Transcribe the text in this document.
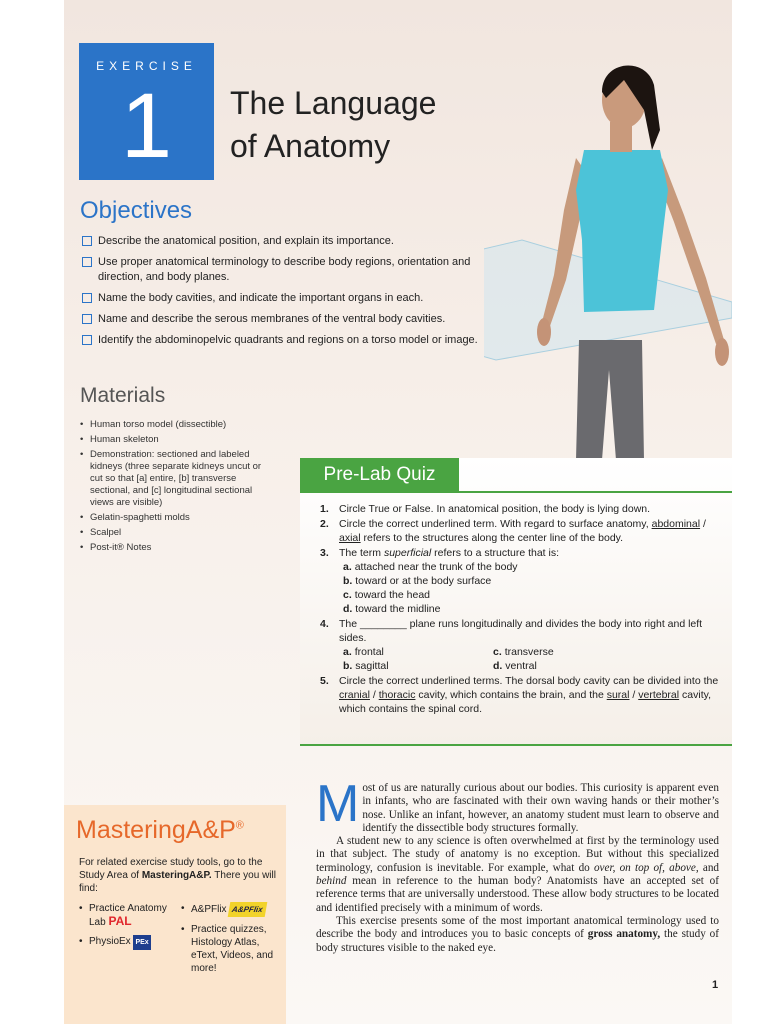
EXERCISE
1	The Language
of Anatomy
Objectives
Describe the anatomical position, and explain its importance.
Use proper anatomical terminology to describe body regions, orientation and direction, and body planes.
Name the body cavities, and indicate the important organs in each.
Name and describe the serous membranes of the ventral body cavities.
Identify the abdominopelvic quadrants and regions on a torso model or image.
Materials
• Human torso model (dissectible)
• Human skeleton
• Demonstration: sectioned and labeled kidneys (three separate kidneys uncut or cut so that [a] entire, [b] transverse sectional, and [c] longitudinal sectional views are visible)
• Gelatin-spaghetti molds
• Scalpel
• Post-it® Notes
Pre-Lab Quiz
1. Circle True or False. In anatomical position, the body is lying down.
2. Circle the correct underlined term. With regard to surface anatomy, abdominal / axial refers to the structures along the center line of the body.
3. The term superficial refers to a structure that is:
a. attached near the trunk of the body
b. toward or at the body surface
c. toward the head
d. toward the midline
4. The ________ plane runs longitudinally and divides the body into right and left sides.
a. frontal	c. transverse
b. sagittal	d. ventral
5. Circle the correct underlined terms. The dorsal body cavity can be divided into the cranial / thoracic cavity, which contains the brain, and the sural / vertebral cavity, which contains the spinal cord.
MasteringA&P®
For related exercise study tools, go to the Study Area of MasteringA&P. There you will find:
• Practice Anatomy Lab PAL
• PhysioEx PEx
• A&PFlix A&PFlix
• Practice quizzes, Histology Atlas, eText, Videos, and more!

Most of us are naturally curious about our bodies. This curiosity is apparent even in infants, who are fascinated with their own waving hands or their mother’s nose. Unlike an infant, however, an anatomy student must learn to observe and identify the dissectible body structures formally.

A student new to any science is often overwhelmed at first by the terminology used in that subject. The study of anatomy is no exception. But without this specialized terminology, confusion is inevitable. For example, what do over, on top of, above, and behind mean in reference to the human body? Anatomists have an accepted set of reference terms that are universally understood. These allow body structures to be located and identified precisely with a minimum of words.

This exercise presents some of the most important anatomical terminology used to describe the body and introduces you to basic concepts of gross anatomy, the study of body structures visible to the naked eye.

1
